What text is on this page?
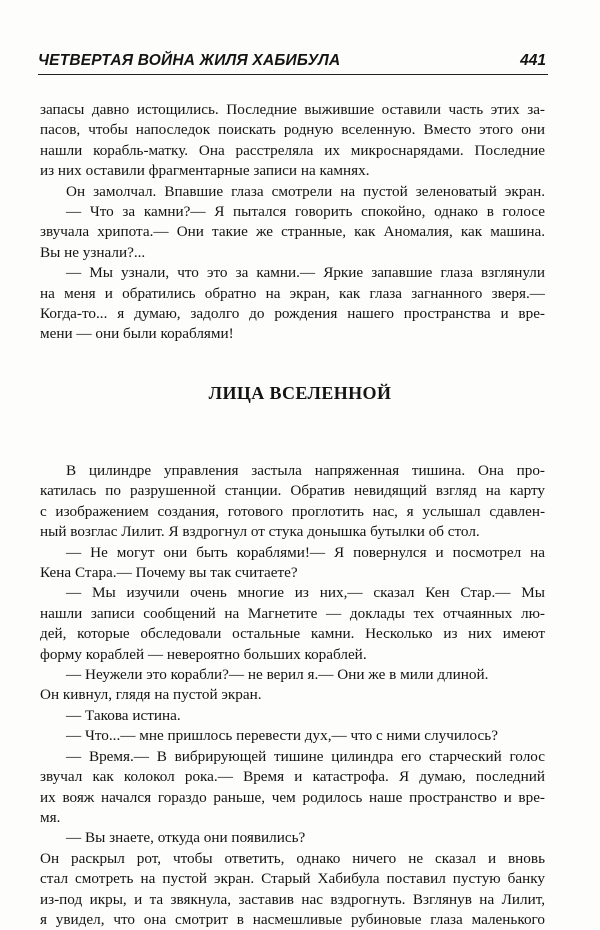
ЧЕТВЕРТАЯ ВОЙНА ЖИЛЯ ХАБИБУЛА	441

запасы давно истощились. Последние выжившие оставили часть этих за-

пасов, чтобы напоследок поискать родную вселенную. Вместо этого они

нашли корабль-матку. Она расстреляла их микроснарядами. Последние

из них оставили фрагментарные записи на камнях.

Он замолчал. Впавшие глаза смотрели на пустой зеленоватый экран.

— Что за камни?— Я пытался говорить спокойно, однако в голосе

звучала хрипота.— Они такие же странные, как Аномалия, как машина.

Вы не узнали?...

— Мы узнали, что это за камни.— Яркие запавшие глаза взглянули

на меня и обратились обратно на экран, как глаза загнанного зверя.—

Когда-то... я думаю, задолго до рождения нашего пространства и вре-

мени — они были кораблями!

ЛИЦА ВСЕЛЕННОЙ

В цилиндре управления застыла напряженная тишина. Она про-

катилась по разрушенной станции. Обратив невидящий взгляд на карту

с изображением создания, готового проглотить нас, я услышал сдавлен-

ный возглас Лилит. Я вздрогнул от стука донышка бутылки об стол.

— Не могут они быть кораблями!— Я повернулся и посмотрел на

Кена Стара.— Почему вы так считаете?

— Мы изучили очень многие из них,— сказал Кен Стар.— Мы

нашли записи сообщений на Магнетите — доклады тех отчаянных лю-

дей, которые обследовали остальные камни. Несколько из них имеют

форму кораблей — невероятно больших кораблей.

— Неужели это корабли?— не верил я.— Они же в мили длиной.

Он кивнул, глядя на пустой экран.

— Такова истина.

— Что...— мне пришлось перевести дух,— что с ними случилось?

— Время.— В вибрирующей тишине цилиндра его старческий голос

звучал как колокол рока.— Время и катастрофа. Я думаю, последний

их вояж начался гораздо раньше, чем родилось наше пространство и вре-

мя.

— Вы знаете, откуда они появились?

Он раскрыл рот, чтобы ответить, однако ничего не сказал и вновь

стал смотреть на пустой экран. Старый Хабибула поставил пустую банку

из-под икры, и та звякнула, заставив нас вздрогнуть. Взглянув на Лилит,

я увидел, что она смотрит в насмешливые рубиновые глаза маленького
